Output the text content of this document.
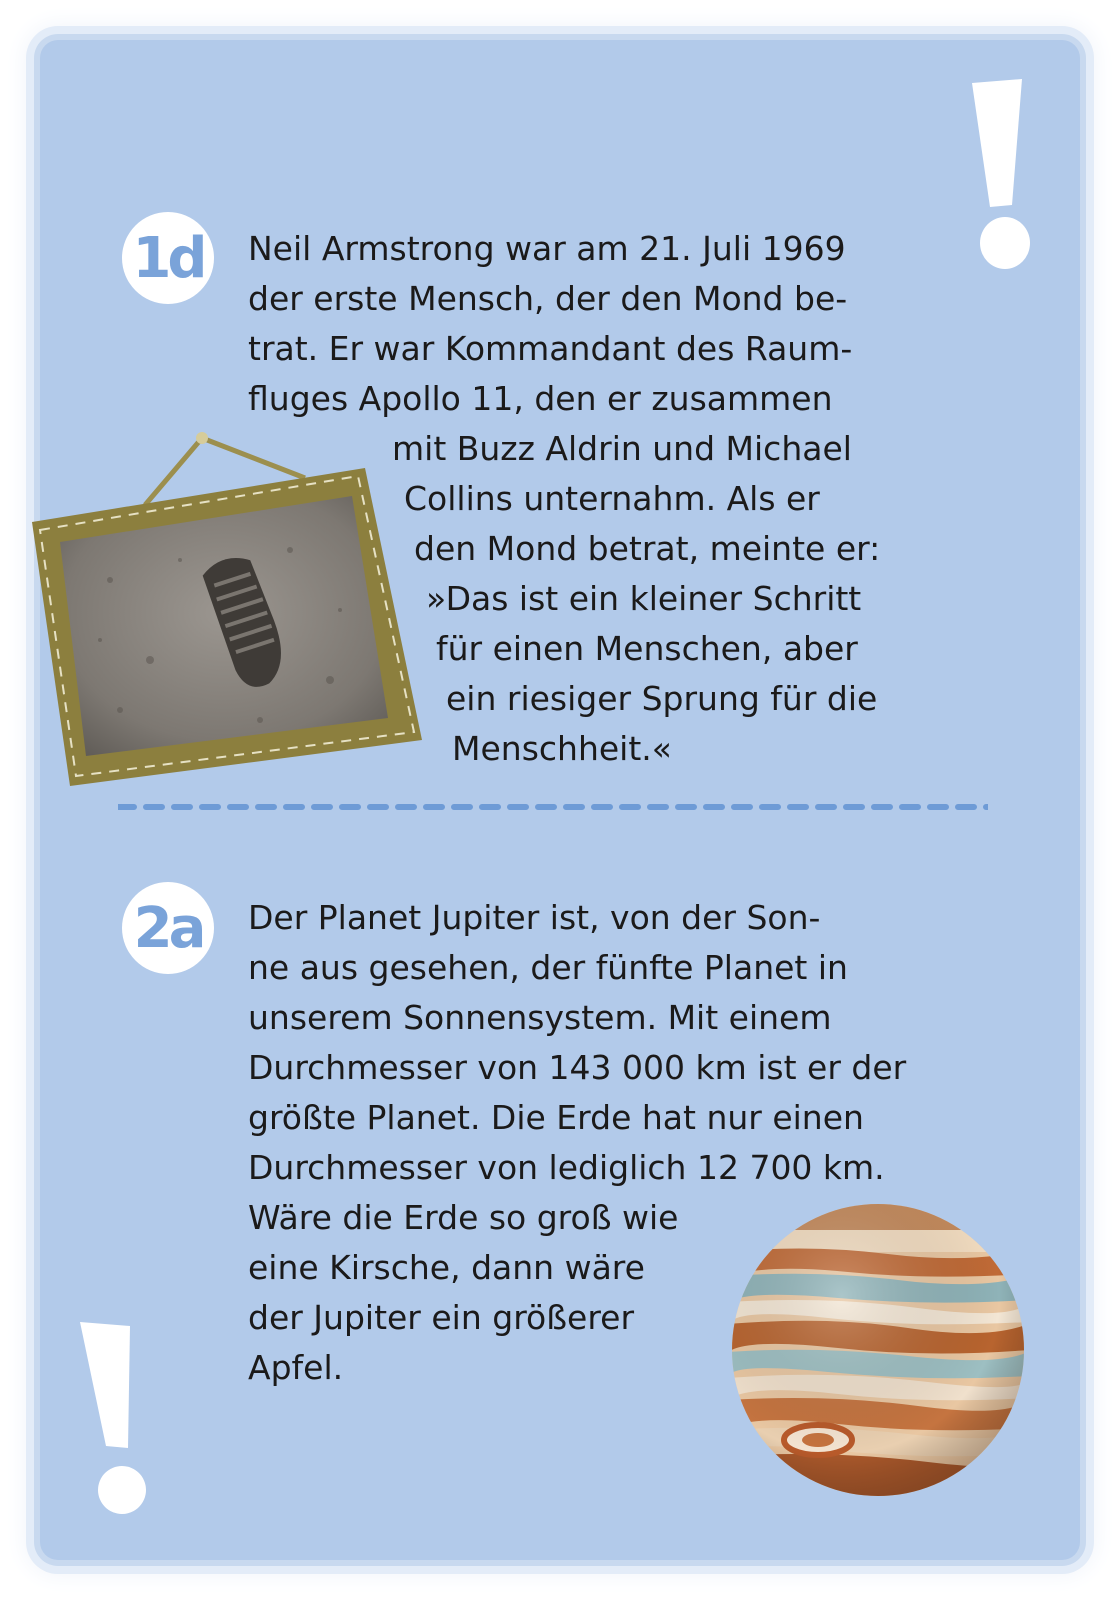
1d	Neil Armstrong war am 21. Juli 1969
der erste Mensch, der den Mond be-
trat. Er war Kommandant des Raum-
fluges Apollo 11, den er zusammen
mit Buzz Aldrin und Michael
Collins unternahm. Als er
den Mond betrat, meinte er:
»Das ist ein kleiner Schritt
für einen Menschen, aber
ein riesiger Sprung für die
Menschheit.«
2a	Der Planet Jupiter ist, von der Son-
ne aus gesehen, der fünfte Planet in
unserem Sonnensystem. Mit einem
Durchmesser von 143 000 km ist er der
größte Planet. Die Erde hat nur einen
Durchmesser von lediglich 12 700 km.
Wäre die Erde so groß wie
eine Kirsche, dann wäre
der Jupiter ein größerer
Apfel.
